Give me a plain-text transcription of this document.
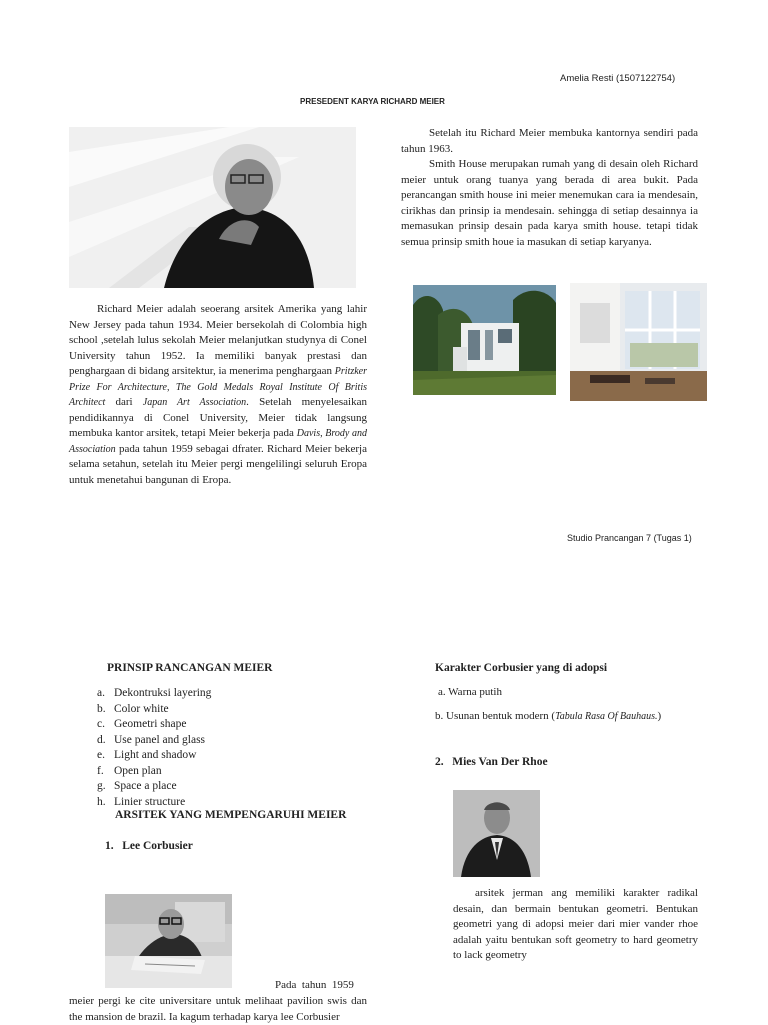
Amelia Resti (1507122754)
PRESEDENT KARYA RICHARD MEIER
Richard Meier adalah seoerang arsitek Amerika yang lahir New Jersey pada tahun 1934. Meier bersekolah di Colombia high school ,setelah lulus sekolah Meier melanjutkan studynya di Conel University tahun 1952. Ia memiliki banyak prestasi dan penghargaan di bidang arsitektur, ia menerima penghargaan Pritzker Prize For Architecture, The Gold Medals Royal Institute Of Britis Architect dari Japan Art Association. Setelah menyelesaikan pendidikannya di Conel University, Meier tidak langsung membuka kantor arsitek, tetapi Meier bekerja pada Davis, Brody and Association pada tahun 1959 sebagai dfrater. Richard Meier bekerja selama setahun, setelah itu Meier pergi mengelilingi seluruh Eropa untuk menetahui bangunan di Eropa.

Setelah itu Richard Meier membuka kantornya sendiri pada tahun 1963.

Smith House merupakan rumah yang di desain oleh Richard meier untuk orang tuanya yang berada di area bukit. Pada perancangan smith house ini meier menemukan cara ia mendesain, cirikhas dan prinsip ia mendesain. sehingga di setiap desainnya ia memasukan prinsip desain pada karya smith house. tetapi tidak semua prinsip smith houe ia masukan di setiap karyanya.

Studio Prancangan 7 (Tugas 1)
PRINSIP RANCANGAN MEIER
a. Dekontruksi layering
b. Color white
c. Geometri shape
d. Use panel and glass
e. Light and shadow
f. Open plan
g. Space a place
h. Linier structure
ARSITEK YANG MEMPENGARUHI MEIER
1.   Lee Corbusier
Pada  tahun  1959
meier pergi ke cite universitare untuk melihaat pavilion swis dan the mansion de brazil. Ia kagum terhadap karya lee Corbusier
Karakter Corbusier yang di adopsi
a. Warna putih
b. Usunan bentuk modern (Tabula Rasa Of Bauhaus.)
2.   Mies Van Der Rhoe
arsitek jerman ang memiliki karakter radikal desain, dan bermain bentukan geometri. Bentukan geometri yang di adopsi meier dari mier vander rhoe adalah yaitu bentukan soft geometry to hard geometry to lack geometry
